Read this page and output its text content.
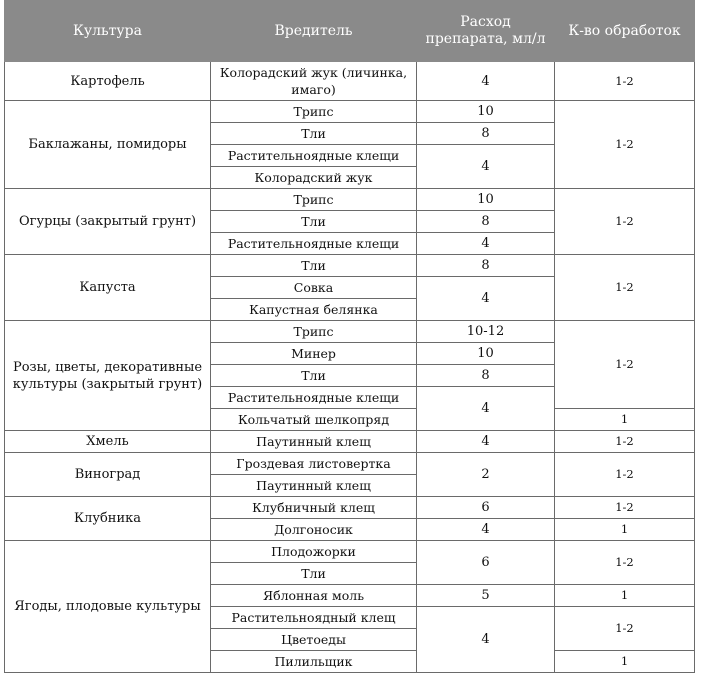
Культура	Вредитель	Расход препарата, мл/л	К-во обработок
Картофель	Колорадский жук (личинка, имаго)	4	1-2
Баклажаны, помидоры	Трипс	10	1-2
	Тли	8	
	Растительноядные клещи	4	
	Колорадский жук		
Огурцы (закрытый грунт)	Трипс	10	1-2
	Тли	8	
	Растительноядные клещи	4	
Капуста	Тли	8	1-2
	Совка	4	
	Капустная белянка		
Розы, цветы, декоративные культуры (закрытый грунт)	Трипс	10-12	1-2
	Минер	10	
	Тли	8	
	Растительноядные клещи	4	
	Кольчатый шелкопряд		1
Хмель	Паутинный клещ	4	1-2
Виноград	Гроздевая листовертка	2	1-2
	Паутинный клещ		
Клубника	Клубничный клещ	6	1-2
	Долгоносик	4	1
Ягоды, плодовые культуры	Плодожорки	6	1-2
	Тли		
	Яблонная моль	5	1
	Растительноядный клещ	4	1-2
	Цветоеды		
	Пилильщик		1
